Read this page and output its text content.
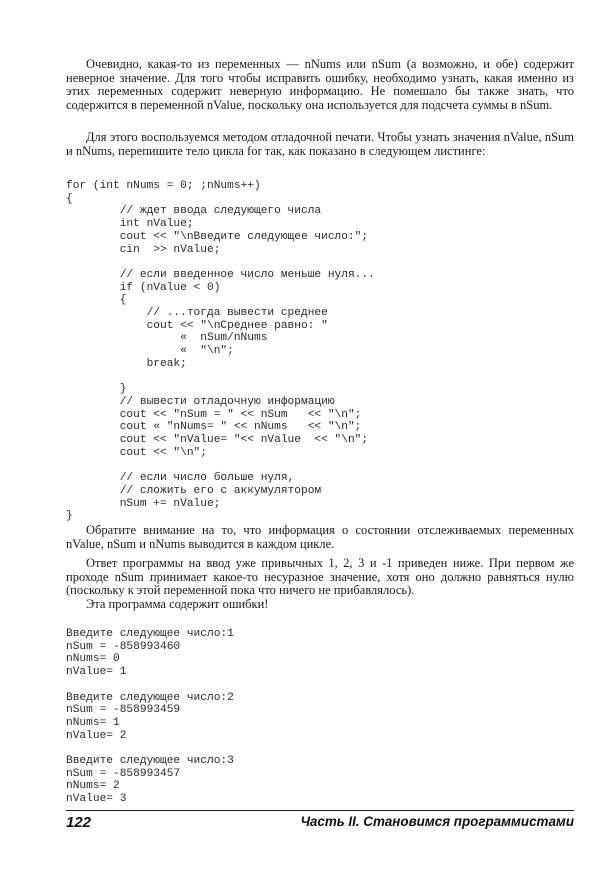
Очевидно, какая-то из переменных — nNums или nSum (а возможно, и обе) содержит неверное значение. Для того чтобы исправить ошибку, необходимо узнать, какая именно из этих переменных содержит неверную информацию. Не помешало бы также знать, что содержится в переменной nValue, поскольку она используется для подсчета суммы в nSum.

Для этого воспользуемся методом отладочной печати. Чтобы узнать значения nValue, nSum и nNums, перепишите тело цикла for так, как показано в следующем листинге:

for (int nNums = 0; ;nNums++)
{
// ждет ввода следующего числа
int nValue;
cout << "\nВведите следующее число:";
cin  >> nValue;

// если введенное число меньше нуля...
if (nValue < 0)
{
// ...тогда вывести среднее
cout << "\nСреднее равно: "
«  nSum/nNums
«  "\n";
break;

}
// вывести отладочную информацию
cout << "nSum = " << nSum   << "\n";
cout « "nNums= " << nNums   << "\n";
cout << "nValue= "<< nValue  << "\n";
cout << "\n";

// если число больше нуля,
// сложить его с аккумулятором
nSum += nValue;
}

Обратите внимание на то, что информация о состоянии отслеживаемых переменных nValue, nSum и nNums выводится в каждом цикле.

Ответ программы на ввод уже привычных 1, 2, 3 и -1 приведен ниже. При первом же проходе nSum принимает какое-то несуразное значение, хотя оно должно равняться нулю (поскольку к этой переменной пока что ничего не прибавлялось).

Эта программа содержит ошибки!

Введите следующее число:1
nSum = -858993460
nNums= 0
nValue= 1

Введите следующее число:2
nSum = -858993459
nNums= 1
nValue= 2

Введите следующее число:3
nSum = -858993457
nNums= 2
nValue= 3
122	Часть II. Становимся программистами
